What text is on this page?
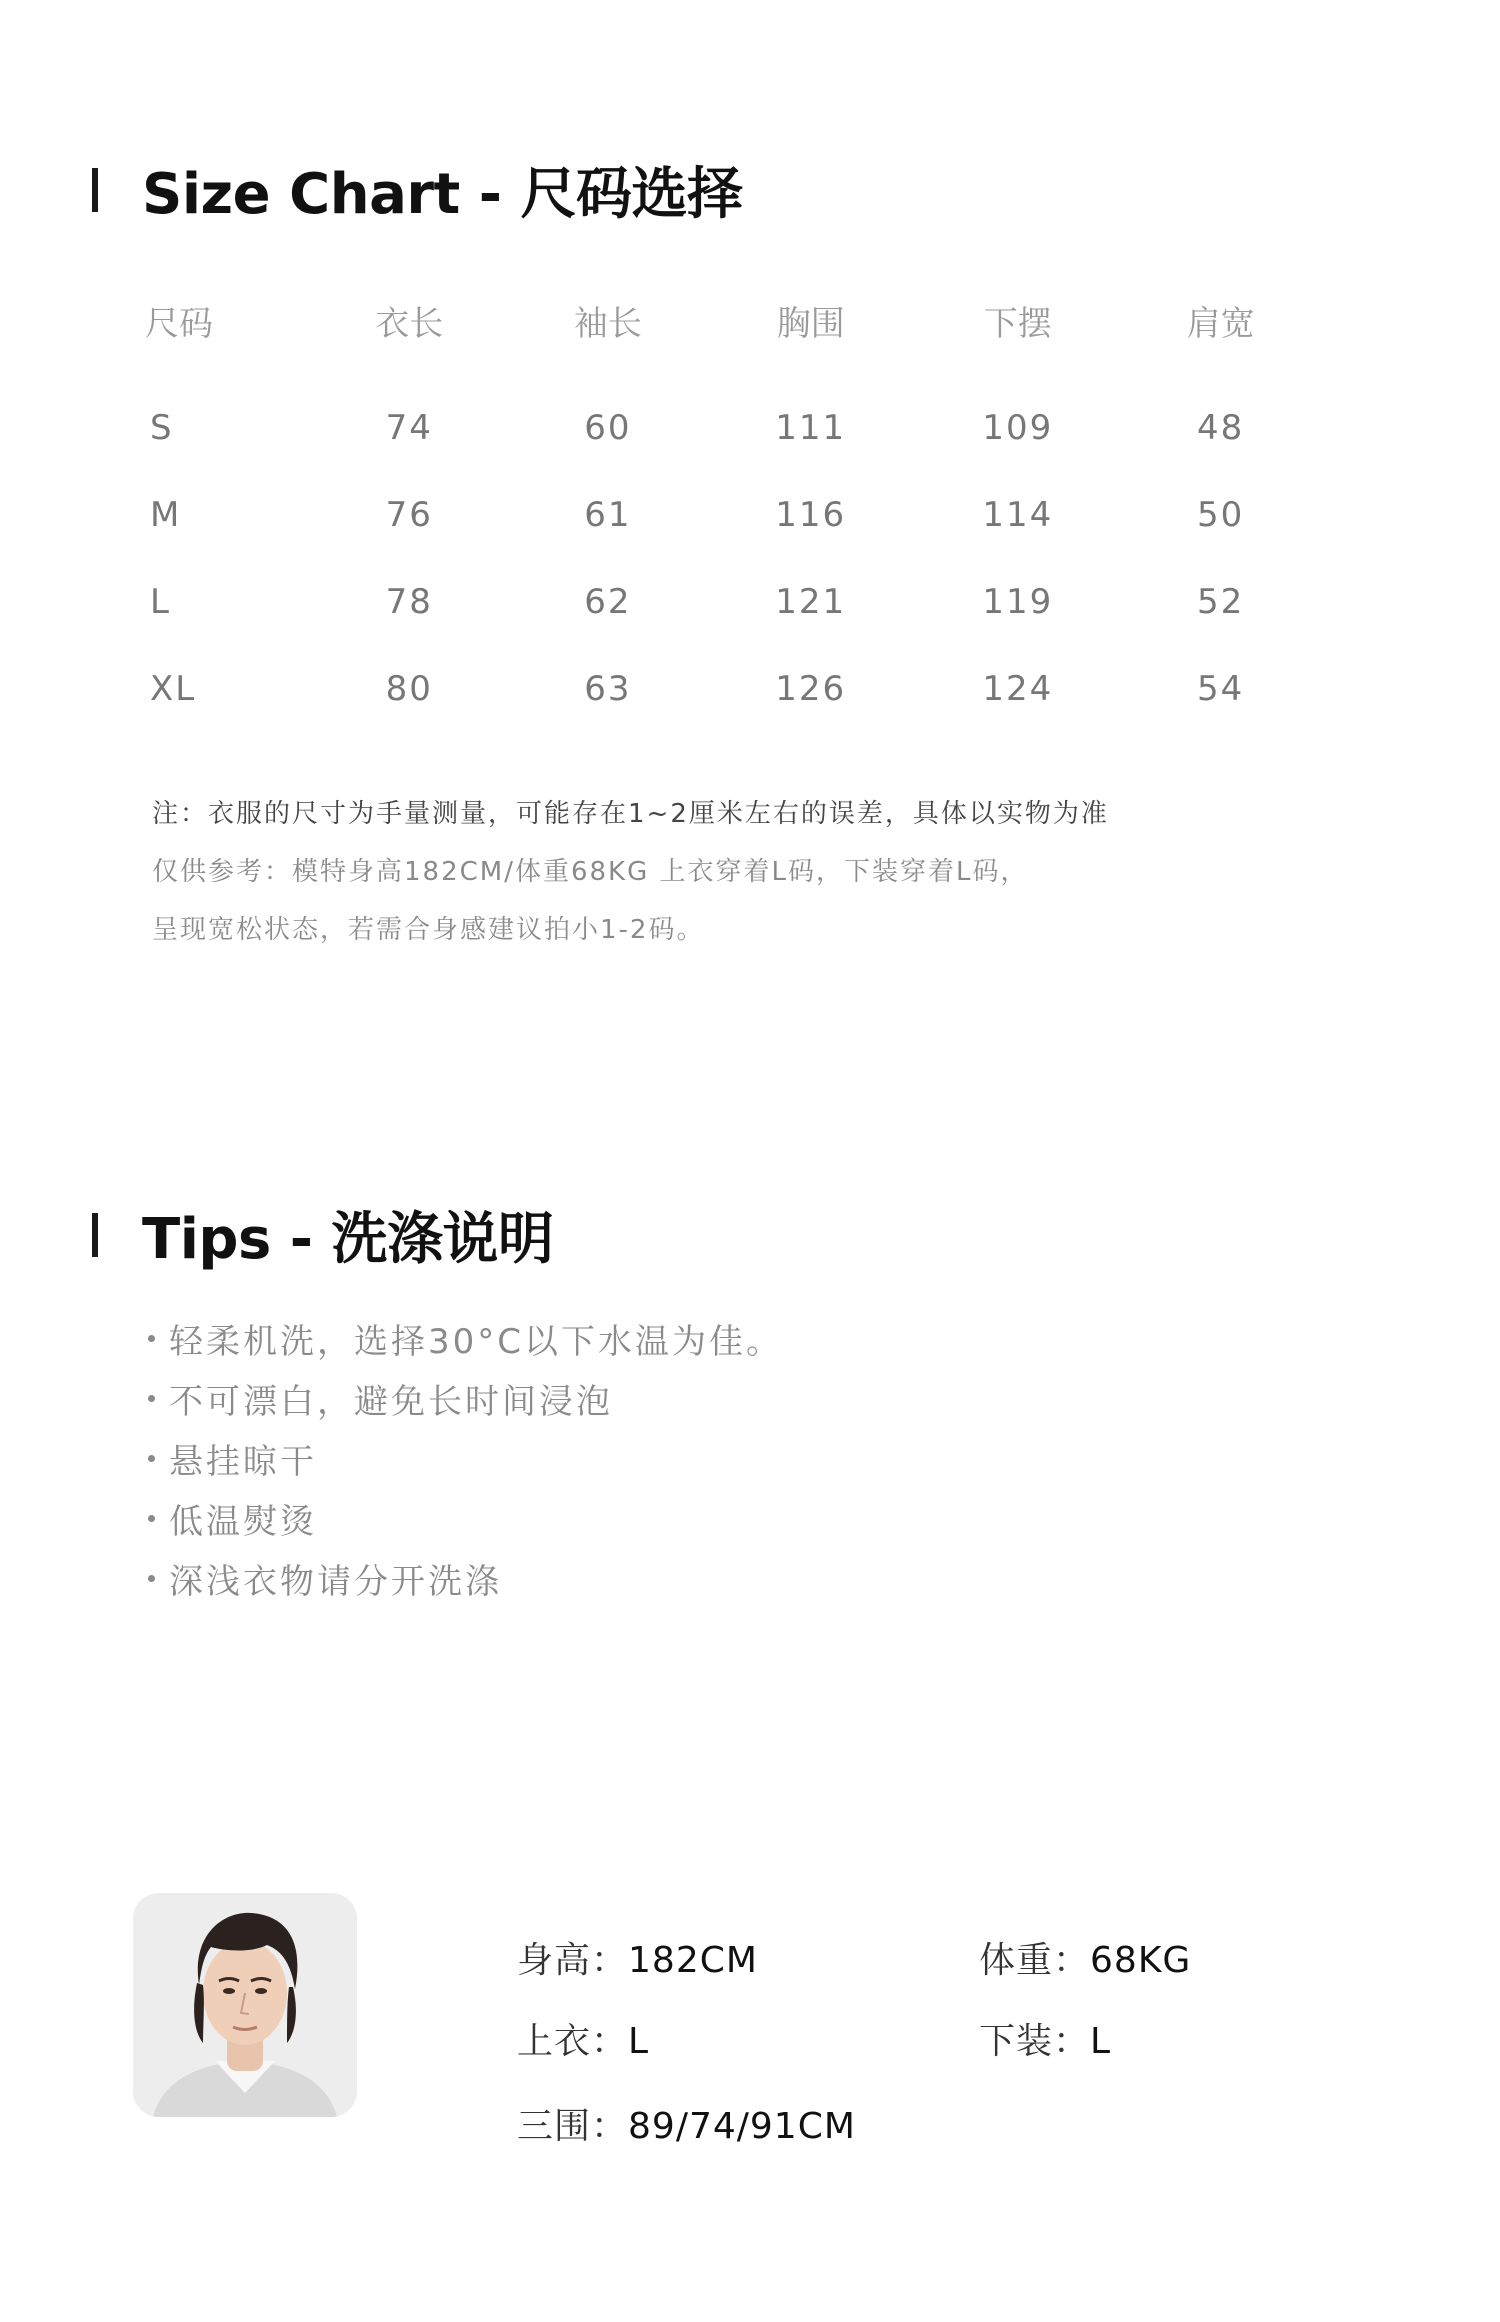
Size Chart - 尺码选择
尺码	衣长	袖长	胸围	下摆	肩宽
S	74	60	111	109	48
M	76	61	116	114	50
L	78	62	121	119	52
XL	80	63	126	124	54
注：衣服的尺寸为手量测量，可能存在1~2厘米左右的误差，具体以实物为准
仅供参考：模特身高182CM/体重68KG 上衣穿着L码，下装穿着L码，
呈现宽松状态，若需合身感建议拍小1-2码。
Tips - 洗涤说明
轻柔机洗，选择30°C以下水温为佳。
不可漂白，避免长时间浸泡
悬挂晾干
低温熨烫
深浅衣物请分开洗涤
身高：182CM	体重：68KG
上衣：L	下装：L
三围：89/74/91CM
